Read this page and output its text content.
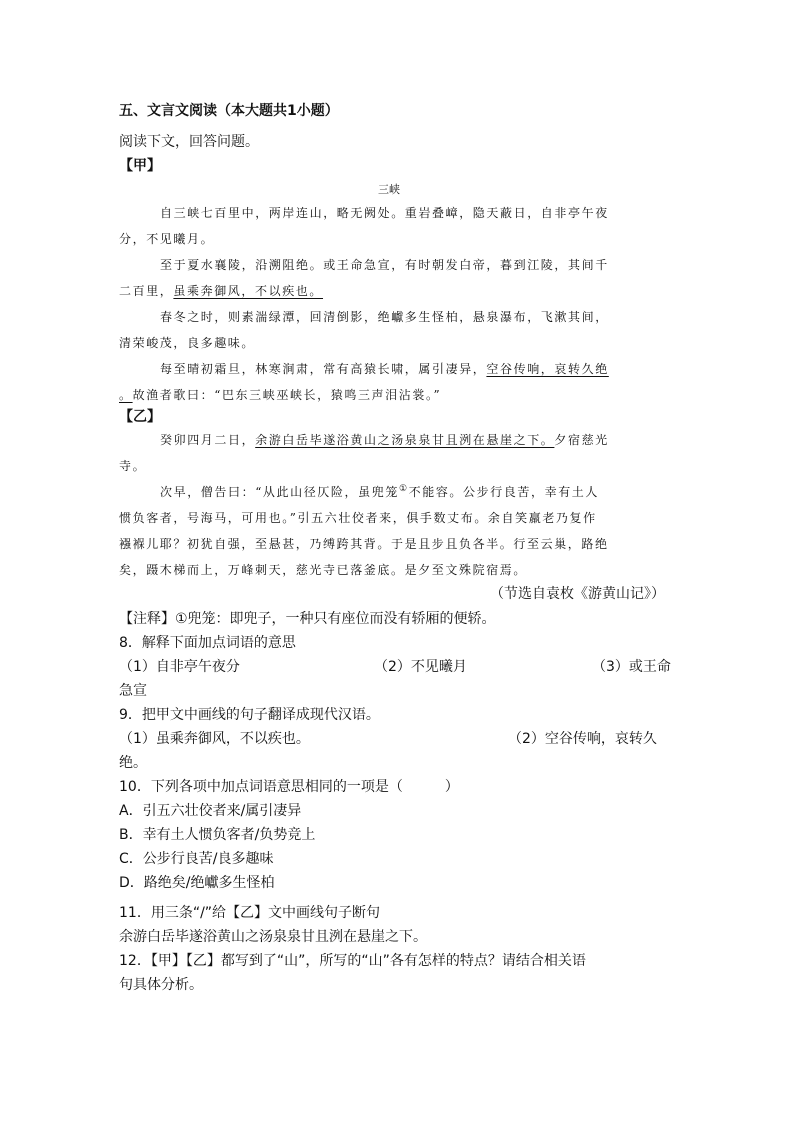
五、文言文阅读（本大题共1小题）
阅读下文，回答问题。
【甲】
三峡
自三峡七百里中，两岸连山，略无阙处。重岩叠嶂，隐天蔽日，自非亭午夜
分，不见曦月。
至于夏水襄陵，沿溯阻绝。或王命急宣，有时朝发白帝，暮到江陵，其间千
二百里，虽乘奔御风，不以疾也。
春冬之时，则素湍绿潭，回清倒影，绝巘多生怪柏，悬泉瀑布，飞漱其间，
清荣峻茂，良多趣味。
每至晴初霜旦，林寒涧肃，常有高猿长啸，属引凄异，空谷传响，哀转久绝
。故渔者歌曰：“巴东三峡巫峡长，猿鸣三声泪沾裳。”
【乙】
癸卯四月二日，余游白岳毕遂浴黄山之汤泉泉甘且洌在悬崖之下。夕宿慈光
寺。
次早，僧告曰：“从此山径仄险，虽兜笼①不能容。公步行良苦，幸有土人
惯负客者，号海马，可用也。”引五六壮佼者来，俱手数丈布。余自笑羸老乃复作
襁褓儿耶？初犹自强，至悬甚，乃缚跨其背。于是且步且负各半。行至云巢，路绝
矣，蹑木梯而上，万峰刺天，慈光寺已落釜底。是夕至文殊院宿焉。
（节选自袁枚《游黄山记》）
【注释】①兜笼：即兜子，一种只有座位而没有轿厢的便轿。
8．解释下面加点词语的意思
（1）自非亭午夜分	（2）不见曦月	（3）或王命
急宣
9．把甲文中画线的句子翻译成现代汉语。
（1）虽乘奔御风，不以疾也。	（2）空谷传响，哀转久
绝。
10．下列各项中加点词语意思相同的一项是（　　　）
A．引五六壮佼者来/属引凄异
B．幸有土人惯负客者/负势竞上
C．公步行良苦/良多趣味
D．路绝矣/绝巘多生怪柏
11．用三条“/”给【乙】文中画线句子断句
余游白岳毕遂浴黄山之汤泉泉甘且洌在悬崖之下。
12．【甲】【乙】都写到了“山”，所写的“山”各有怎样的特点？请结合相关语
句具体分析。
